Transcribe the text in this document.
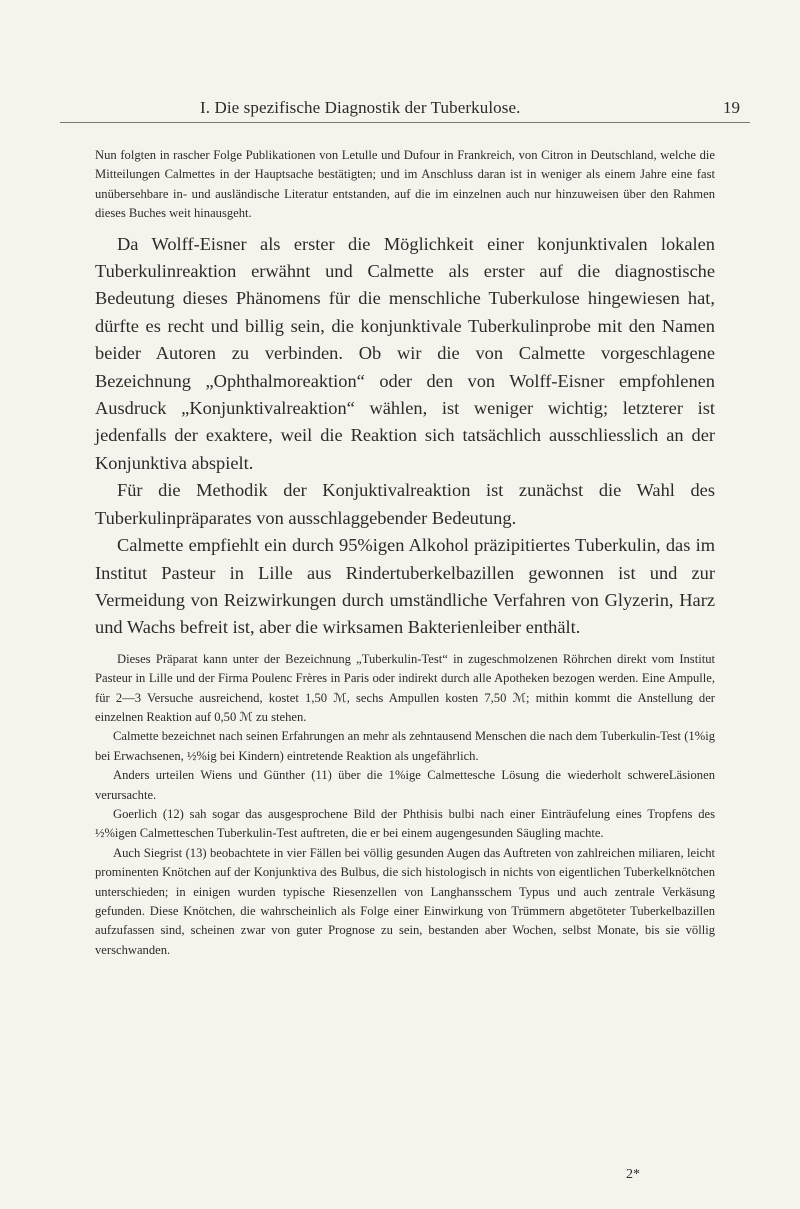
I. Die spezifische Diagnostik der Tuberkulose.	19

Nun folgten in rascher Folge Publikationen von Letulle und Dufour in Frankreich, von Citron in Deutschland, welche die Mitteilungen Calmettes in der Hauptsache bestätigten; und im Anschluss daran ist in weniger als einem Jahre eine fast unübersehbare in- und ausländische Literatur entstanden, auf die im einzelnen auch nur hinzuweisen über den Rahmen dieses Buches weit hinausgeht.

Da Wolff-Eisner als erster die Möglichkeit einer konjunktivalen lokalen Tuberkulinreaktion erwähnt und Calmette als erster auf die diagnostische Bedeutung dieses Phänomens für die menschliche Tuberkulose hingewiesen hat, dürfte es recht und billig sein, die konjunktivale Tuberkulinprobe mit den Namen beider Autoren zu verbinden. Ob wir die von Calmette vorgeschlagene Bezeichnung „Ophthalmoreaktion“ oder den von Wolff-Eisner empfohlenen Ausdruck „Konjunktivalreaktion“ wählen, ist weniger wichtig; letzterer ist jedenfalls der exaktere, weil die Reaktion sich tatsächlich ausschliesslich an der Konjunktiva abspielt.

Für die Methodik der Konjuktivalreaktion ist zunächst die Wahl des Tuberkulinpräparates von ausschlaggebender Bedeutung.

Calmette empfiehlt ein durch 95%igen Alkohol präzipitiertes Tuberkulin, das im Institut Pasteur in Lille aus Rindertuberkelbazillen gewonnen ist und zur Vermeidung von Reizwirkungen durch umständliche Verfahren von Glyzerin, Harz und Wachs befreit ist, aber die wirksamen Bakterienleiber enthält.

Dieses Präparat kann unter der Bezeichnung „Tuberkulin-Test“ in zugeschmolzenen Röhrchen direkt vom Institut Pasteur in Lille und der Firma Poulenc Frères in Paris oder indirekt durch alle Apotheken bezogen werden. Eine Ampulle, für 2—3 Versuche ausreichend, kostet 1,50 ℳ, sechs Ampullen kosten 7,50 ℳ; mithin kommt die Anstellung der einzelnen Reaktion auf 0,50 ℳ zu stehen.

Calmette bezeichnet nach seinen Erfahrungen an mehr als zehntausend Menschen die nach dem Tuberkulin-Test (1%ig bei Erwachsenen, ½%ig bei Kindern) eintretende Reaktion als ungefährlich.

Anders urteilen Wiens und Günther (11) über die 1%ige Calmettesche Lösung die wiederholt schwereLäsionen verursachte.

Goerlich (12) sah sogar das ausgesprochene Bild der Phthisis bulbi nach einer Einträufelung eines Tropfens des ½%igen Calmetteschen Tuberkulin-Test auftreten, die er bei einem augengesunden Säugling machte.

Auch Siegrist (13) beobachtete in vier Fällen bei völlig gesunden Augen das Auftreten von zahlreichen miliaren, leicht prominenten Knötchen auf der Konjunktiva des Bulbus, die sich histologisch in nichts von eigentlichen Tuberkelknötchen unterschieden; in einigen wurden typische Riesenzellen von Langhansschem Typus und auch zentrale Verkäsung gefunden. Diese Knötchen, die wahrscheinlich als Folge einer Einwirkung von Trümmern abgetöteter Tuberkelbazillen aufzufassen sind, scheinen zwar von guter Prognose zu sein, bestanden aber Wochen, selbst Monate, bis sie völlig verschwanden.

2*
